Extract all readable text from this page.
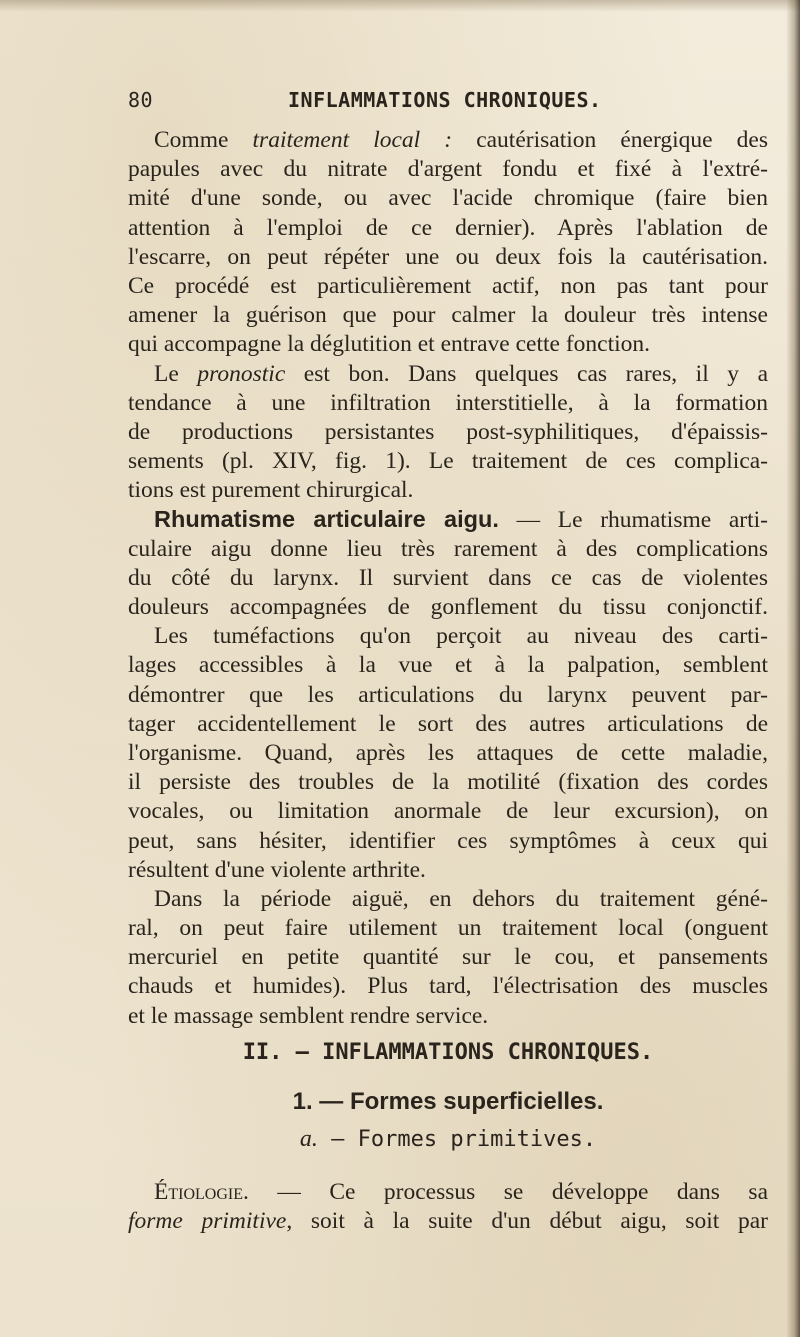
80	INFLAMMATIONS CHRONIQUES.
Comme traitement local : cautérisation énergique des
papules avec du nitrate d'argent fondu et fixé à l'extré-
mité d'une sonde, ou avec l'acide chromique (faire bien
attention à l'emploi de ce dernier). Après l'ablation de
l'escarre, on peut répéter une ou deux fois la cautérisation.
Ce procédé est particulièrement actif, non pas tant pour
amener la guérison que pour calmer la douleur très intense
qui accompagne la déglutition et entrave cette fonction.
Le pronostic est bon. Dans quelques cas rares, il y a
tendance à une infiltration interstitielle, à la formation
de productions persistantes post-syphilitiques, d'épaissis-
sements (pl. XIV, fig. 1). Le traitement de ces complica-
tions est purement chirurgical.
Rhumatisme articulaire aigu. — Le rhumatisme arti-
culaire aigu donne lieu très rarement à des complications
du côté du larynx. Il survient dans ce cas de violentes
douleurs accompagnées de gonflement du tissu conjonctif.
Les tuméfactions qu'on perçoit au niveau des carti-
lages accessibles à la vue et à la palpation, semblent
démontrer que les articulations du larynx peuvent par-
tager accidentellement le sort des autres articulations de
l'organisme. Quand, après les attaques de cette maladie,
il persiste des troubles de la motilité (fixation des cordes
vocales, ou limitation anormale de leur excursion), on
peut, sans hésiter, identifier ces symptômes à ceux qui
résultent d'une violente arthrite.
Dans la période aiguë, en dehors du traitement géné-
ral, on peut faire utilement un traitement local (onguent
mercuriel en petite quantité sur le cou, et pansements
chauds et humides). Plus tard, l'électrisation des muscles
et le massage semblent rendre service.
II. — INFLAMMATIONS CHRONIQUES.
1. — Formes superficielles.
a. — Formes primitives.
Étiologie. — Ce processus se développe dans sa
forme primitive, soit à la suite d'un début aigu, soit par
